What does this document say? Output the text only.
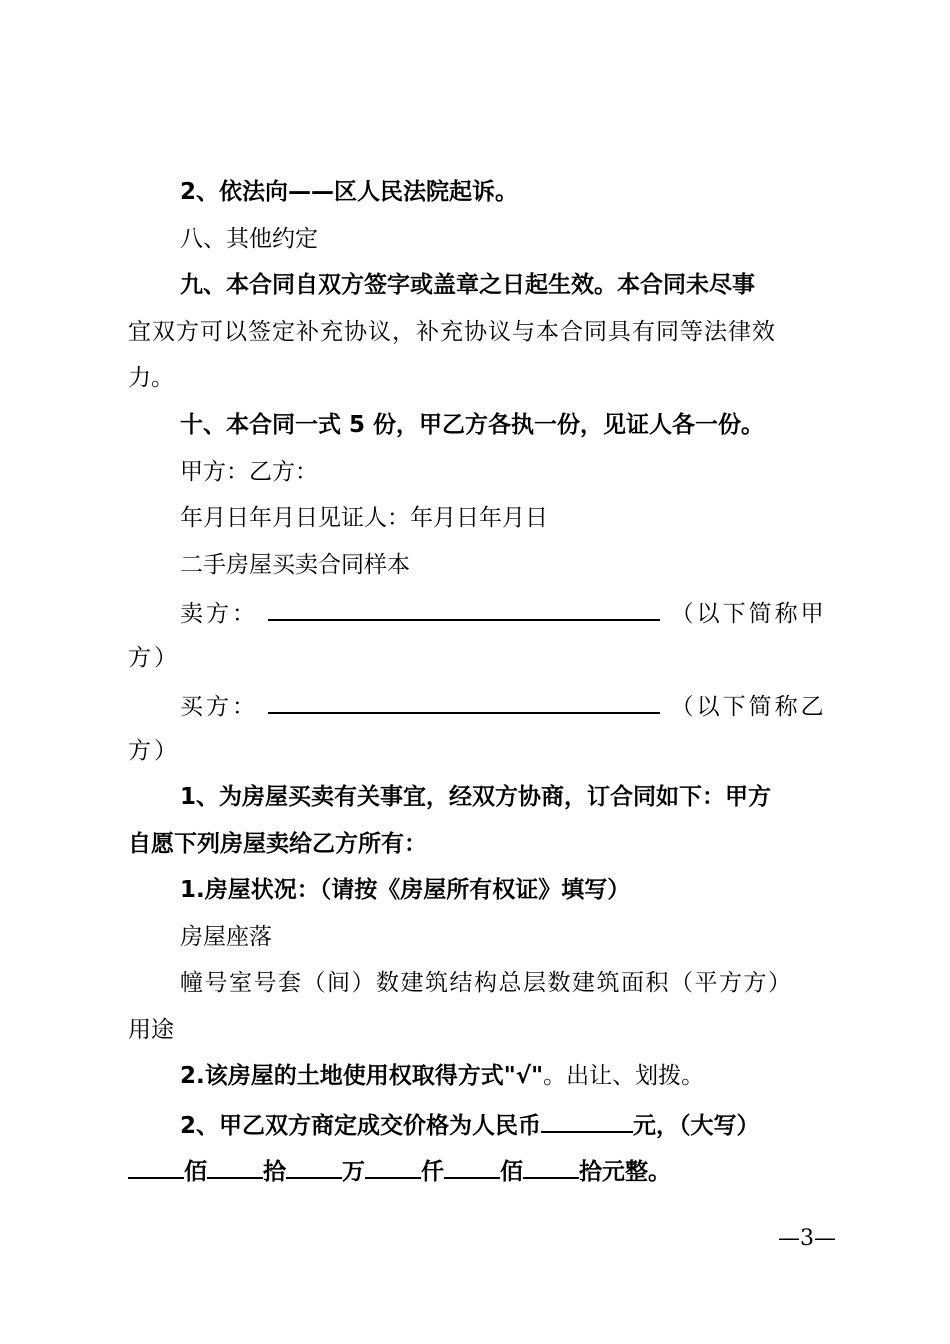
2、依法向——区人民法院起诉。
八、其他约定
九、本合同自双方签字或盖章之日起生效。本合同未尽事
宜双方可以签定补充协议，补充协议与本合同具有同等法律效
力。
十、本合同一式 5 份，甲乙方各执一份，见证人各一份。
甲方：乙方：
年月日年月日见证人：年月日年月日
二手房屋买卖合同样本
卖方：	（以下简称甲
方）
买方：	（以下简称乙
方）
1、为房屋买卖有关事宜，经双方协商，订合同如下：甲方
自愿下列房屋卖给乙方所有：
1.房屋状况：（请按《房屋所有权证》填写）
房屋座落
幢号室号套（间）数建筑结构总层数建筑面积（平方方）
用途
2.该房屋的土地使用权取得方式"√"。出让、划拨。
2、甲乙双方商定成交价格为人民币	元，（大写）
佰 拾 万 仟 佰 拾元整。
—3—
